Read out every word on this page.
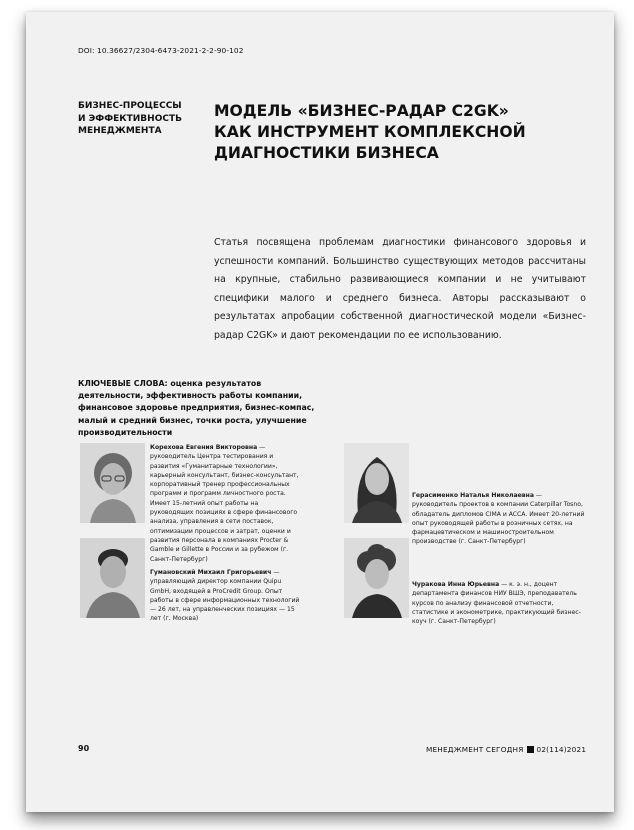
DOI: 10.36627/2304-6473-2021-2-2-90-102
БИЗНЕС-ПРОЦЕССЫ
И ЭФФЕКТИВНОСТЬ
МЕНЕДЖМЕНТА
МОДЕЛЬ «БИЗНЕС-РАДАР C2GK»
КАК ИНСТРУМЕНТ КОМПЛЕКСНОЙ
ДИАГНОСТИКИ БИЗНЕСА
Статья посвящена проблемам диагностики финансового здоровья и успешности компаний. Большинство существующих методов рассчитаны на крупные, стабильно развивающиеся компании и не учитывают специфики малого и среднего бизнеса. Авторы рассказывают о результатах апробации собственной диагностической модели «Бизнес-радар C2GK» и дают рекомендации по ее использованию.
КЛЮЧЕВЫЕ СЛОВА: оценка результатов деятельности, эффективность работы компании, финансовое здоровье предприятия, бизнес-компас, малый и средний бизнес, точки роста, улучшение производительности
Корехова Евгения Викторовна — руководитель Центра тестирования и развития «Гуманитарные технологии», карьерный консультант, бизнес-консультант, корпоративный тренер профессиональных программ и программ личностного роста. Имеет 15-летний опыт работы на руководящих позициях в сфере финансового анализа, управления в сети поставок, оптимизации процессов и затрат, оценки и развития персонала в компаниях Procter & Gamble и Gillette в России и за рубежом (г. Санкт-Петербург)
Герасименко Наталья Николаевна — руководитель проектов в компании Caterpillar Tosno, обладатель дипломов CIMA и ACCA. Имеет 20-летний опыт руководящей работы в розничных сетях, на фармацевтическом и машиностроительном производстве (г. Санкт-Петербург)
Гумановский Михаил Григорьевич — управляющий директор компании Quipu GmbH, входящей в ProCredit Group. Опыт работы в сфере информационных технологий — 26 лет, на управленческих позициях — 15 лет (г. Москва)
Чуракова Инна Юрьевна — к. э. н., доцент департамента финансов НИУ ВШЭ, преподаватель курсов по анализу финансовой отчетности, статистике и эконометрике, практикующий бизнес-коуч (г. Санкт-Петербург)
90	МЕНЕДЖМЕНТ СЕГОДНЯ 02(114)2021
